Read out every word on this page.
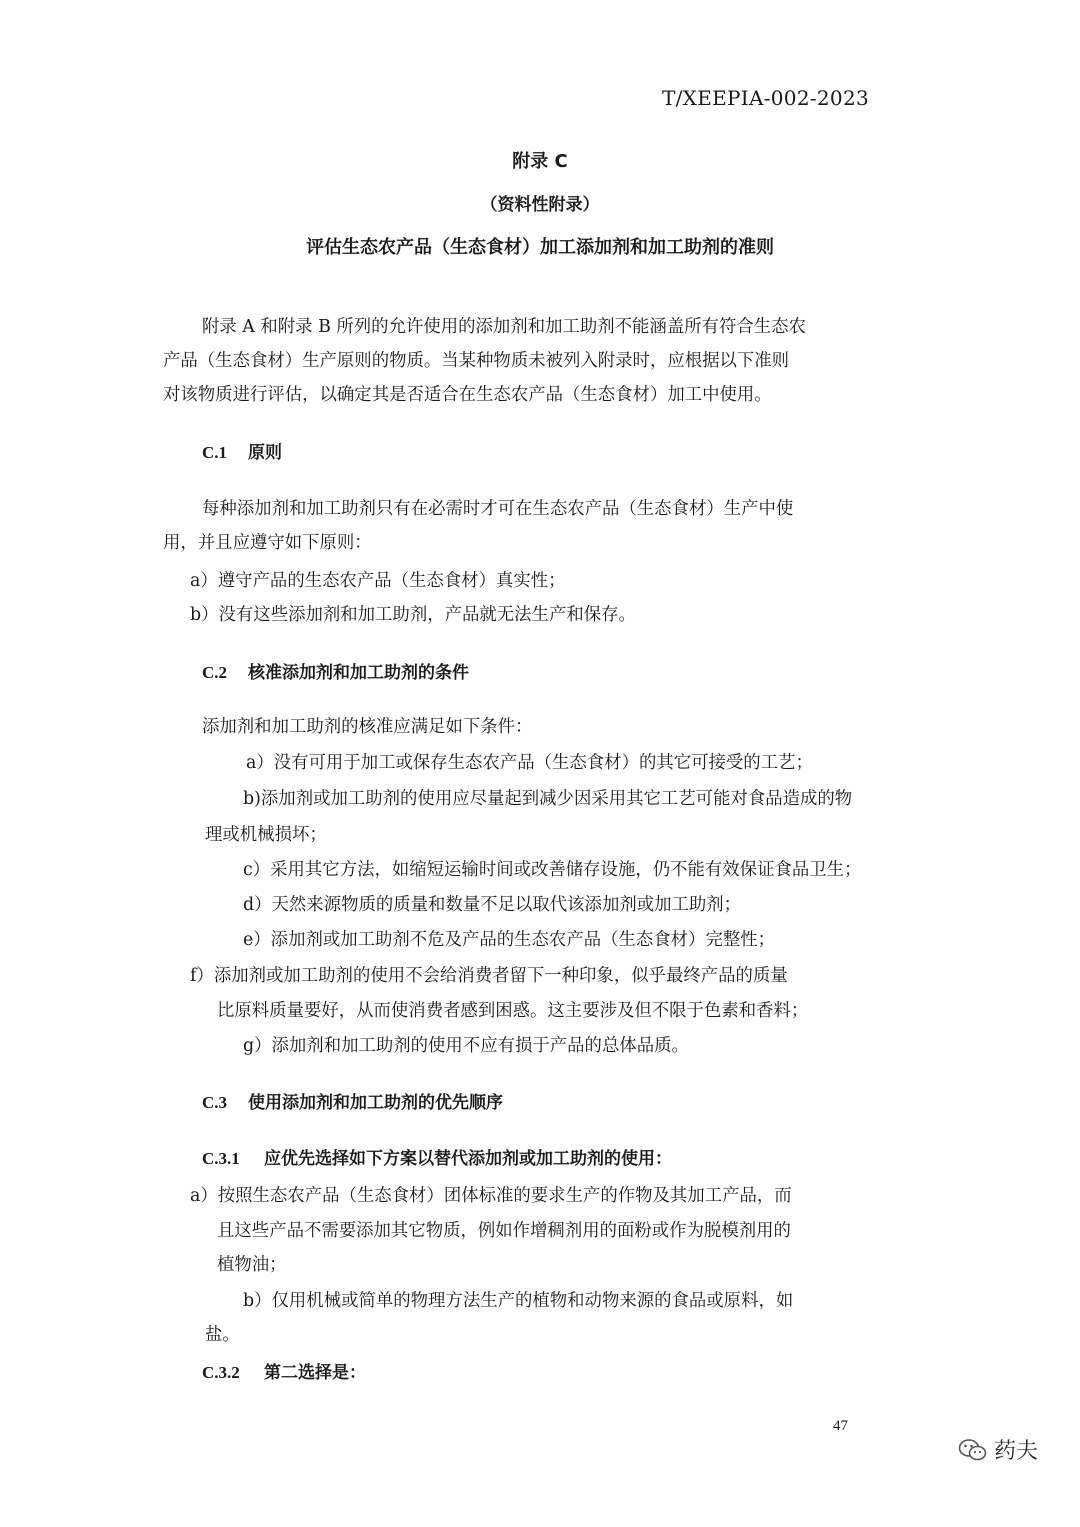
T/XEEPIA-002-2023
附录 C
（资料性附录）
评估生态农产品（生态食材）加工添加剂和加工助剂的准则
附录 A 和附录 B 所列的允许使用的添加剂和加工助剂不能涵盖所有符合生态农
产品（生态食材）生产原则的物质。当某种物质未被列入附录时，应根据以下准则
对该物质进行评估，以确定其是否适合在生态农产品（生态食材）加工中使用。
C.1 原则
每种添加剂和加工助剂只有在必需时才可在生态农产品（生态食材）生产中使
用，并且应遵守如下原则：
a）遵守产品的生态农产品（生态食材）真实性；
b）没有这些添加剂和加工助剂，产品就无法生产和保存。
C.2 核准添加剂和加工助剂的条件
添加剂和加工助剂的核准应满足如下条件：
a）没有可用于加工或保存生态农产品（生态食材）的其它可接受的工艺；
b)添加剂或加工助剂的使用应尽量起到减少因采用其它工艺可能对食品造成的物
理或机械损坏；
c）采用其它方法，如缩短运输时间或改善储存设施，仍不能有效保证食品卫生；
d）天然来源物质的质量和数量不足以取代该添加剂或加工助剂；
e）添加剂或加工助剂不危及产品的生态农产品（生态食材）完整性；
f）添加剂或加工助剂的使用不会给消费者留下一种印象，似乎最终产品的质量
比原料质量要好，从而使消费者感到困惑。这主要涉及但不限于色素和香料；
g）添加剂和加工助剂的使用不应有损于产品的总体品质。
C.3 使用添加剂和加工助剂的优先顺序
C.3.1 应优先选择如下方案以替代添加剂或加工助剂的使用：
a）按照生态农产品（生态食材）团体标准的要求生产的作物及其加工产品，而
且这些产品不需要添加其它物质，例如作增稠剂用的面粉或作为脱模剂用的
植物油；
b）仅用机械或简单的物理方法生产的植物和动物来源的食品或原料，如
盐。
C.3.2 第二选择是：
47
药夫
